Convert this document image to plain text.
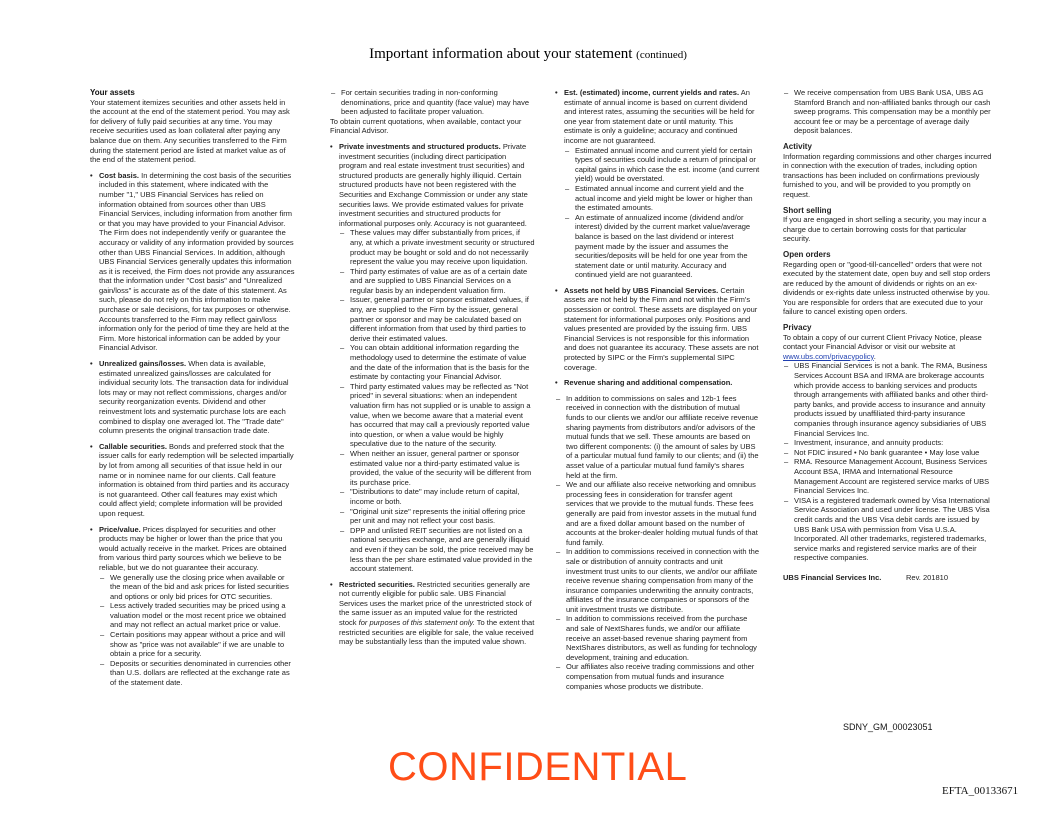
Important information about your statement (continued)

Your assets

Your statement itemizes securities and other assets held in the account at the end of the statement period. You may ask for delivery of fully paid securities at any time. You may receive securities used as loan collateral after paying any balance due on them. Any securities transferred to the Firm during the statement period are listed at market value as of the end of the statement period.

• Cost basis. In determining the cost basis of the securities included in this statement, where indicated with the number "1," UBS Financial Services has relied on information obtained from sources other than UBS Financial Services, including information from another firm or that you may have provided to your Financial Advisor. The Firm does not independently verify or guarantee the accuracy or validity of any information provided by sources other than UBS Financial Services. In addition, although UBS Financial Services generally updates this information as it is received, the Firm does not provide any assurances that the information under "Cost basis" and "Unrealized gain/loss" is accurate as of the date of this statement. As such, please do not rely on this information to make purchase or sale decisions, for tax purposes or otherwise. Accounts transferred to the Firm may reflect gain/loss information only for the period of time they are held at the Firm. More historical information can be added by your Financial Advisor.
• Unrealized gains/losses. When data is available, estimated unrealized gains/losses are calculated for individual security lots. The transaction data for individual lots may or may not reflect commissions, charges and/or security reorganization events. Dividend and other reinvestment lots and systematic purchase lots are each combined to display one averaged lot. The "Trade date" column presents the original transaction trade date.
• Callable securities. Bonds and preferred stock that the issuer calls for early redemption will be selected impartially by lot from among all securities of that issue held in our name or in nominee name for our clients. Call feature information is obtained from third parties and its accuracy is not guaranteed. Other call features may exist which could affect yield; complete information will be provided upon request.
• Price/value. Prices displayed for securities and other products may be higher or lower than the price that you would actually receive in the market. Prices are obtained from various third party sources which we believe to be reliable, but we do not guarantee their accuracy.

– We generally use the closing price when available or the mean of the bid and ask prices for listed securities and options or only bid prices for OTC securities.

– Less actively traded securities may be priced using a valuation model or the most recent price we obtained and may not reflect an actual market price or value.

– Certain positions may appear without a price and will show as "price was not available" if we are unable to obtain a price for a security.

– Deposits or securities denominated in currencies other than U.S. dollars are reflected at the exchange rate as of the statement date.

– For certain securities trading in non-conforming denominations, price and quantity (face value) may have been adjusted to facilitate proper valuation.

To obtain current quotations, when available, contact your Financial Advisor.

• Private investments and structured products. Private investment securities (including direct participation program and real estate investment trust securities) and structured products are generally highly illiquid. Certain structured products have not been registered with the Securities and Exchange Commission or under any state securities laws. We provide estimated values for private investment securities and structured products for informational purposes only. Accuracy is not guaranteed.

– These values may differ substantially from prices, if any, at which a private investment security or structured product may be bought or sold and do not necessarily represent the value you may receive upon liquidation.

– Third party estimates of value are as of a certain date and are supplied to UBS Financial Services on a regular basis by an independent valuation firm.

– Issuer, general partner or sponsor estimated values, if any, are supplied to the Firm by the issuer, general partner or sponsor and may be calculated based on different information from that used by third parties to derive their estimated values.

– You can obtain additional information regarding the methodology used to determine the estimate of value and the date of the information that is the basis for the estimate by contacting your Financial Advisor.

– Third party estimated values may be reflected as "Not priced" in several situations: when an independent valuation firm has not supplied or is unable to assign a value, when we become aware that a material event has occurred that may call a previously reported value into question, or when a value would be highly speculative due to the nature of the security.

– When neither an issuer, general partner or sponsor estimated value nor a third-party estimated value is provided, the value of the security will be different from its purchase price.

– "Distributions to date" may include return of capital, income or both.

– "Original unit size" represents the initial offering price per unit and may not reflect your cost basis.

– DPP and unlisted REIT securities are not listed on a national securities exchange, and are generally illiquid and even if they can be sold, the price received may be less than the per share estimated value provided in the account statement.

• Restricted securities. Restricted securities generally are not currently eligible for public sale. UBS Financial Services uses the market price of the unrestricted stock of the same issuer as an imputed value for the restricted stock for purposes of this statement only. To the extent that restricted securities are eligible for sale, the value received may be substantially less than the imputed value shown.
• Est. (estimated) income, current yields and rates. An estimate of annual income is based on current dividend and interest rates, assuming the securities will be held for one year from statement date or until maturity. This estimate is only a guideline; accuracy and continued income are not guaranteed.

– Estimated annual income and current yield for certain types of securities could include a return of principal or capital gains in which case the est. income (and current yield) would be overstated.

– Estimated annual income and current yield and the actual income and yield might be lower or higher than the estimated amounts.

– An estimate of annualized income (dividend and/or interest) divided by the current market value/average balance is based on the last dividend or interest payment made by the issuer and assumes the securities/deposits will be held for one year from the statement date or until maturity. Accuracy and continued yield are not guaranteed.

• Assets not held by UBS Financial Services. Certain assets are not held by the Firm and not within the Firm's possession or control. These assets are displayed on your statement for informational purposes only. Positions and values presented are provided by the issuing firm. UBS Financial Services is not responsible for this information and does not guarantee its accuracy. These assets are not protected by SIPC or the Firm's supplemental SIPC coverage.
• Revenue sharing and additional compensation.

– In addition to commissions on sales and 12b-1 fees received in connection with the distribution of mutual funds to our clients we and/or our affiliate receive revenue sharing payments from distributors and/or advisors of the mutual funds that we sell. These amounts are based on two different components: (i) the amount of sales by UBS of a particular mutual fund family to our clients; and (ii) the asset value of a particular mutual fund family's shares held at the firm.

– We and our affiliate also receive networking and omnibus processing fees in consideration for transfer agent services that we provide to the mutual funds. These fees generally are paid from investor assets in the mutual fund and are a fixed dollar amount based on the number of accounts at the broker-dealer holding mutual funds of that fund family.

– In addition to commissions received in connection with the sale or distribution of annuity contracts and unit investment trust units to our clients, we and/or our affiliate receive revenue sharing compensation from many of the insurance companies underwriting the annuity contracts, affiliates of the insurance companies or sponsors of the unit investment trusts we distribute.

– In addition to commissions received from the purchase and sale of NextShares funds, we and/or our affiliate receive an asset-based revenue sharing payment from NextShares distributors, as well as funding for technology development, training and education.

– Our affiliates also receive trading commissions and other compensation from mutual funds and insurance companies whose products we distribute.

– We receive compensation from UBS Bank USA, UBS AG Stamford Branch and non-affiliated banks through our cash sweep programs. This compensation may be a monthly per account fee or may be a percentage of average daily deposit balances.

Activity

Information regarding commissions and other charges incurred in connection with the execution of trades, including option transactions has been included on confirmations previously furnished to you, and will be provided to you promptly on request.

Short selling

If you are engaged in short selling a security, you may incur a charge due to certain borrowing costs for that particular security.

Open orders

Regarding open or "good-till-cancelled" orders that were not executed by the statement date, open buy and sell stop orders are reduced by the amount of dividends or rights on an ex-dividends or ex-rights date unless instructed otherwise by you. You are responsible for orders that are executed due to your failure to cancel existing open orders.

Privacy

To obtain a copy of our current Client Privacy Notice, please contact your Financial Advisor or visit our website at www.ubs.com/privacypolicy.

– UBS Financial Services is not a bank. The RMA, Business Services Account BSA and IRMA are brokerage accounts which provide access to banking services and products through arrangements with affiliated banks and other third-party banks, and provide access to insurance and annuity products issued by unaffiliated third-party insurance companies through insurance agency subsidiaries of UBS Financial Services Inc.

– Investment, insurance, and annuity products:

– Not FDIC insured • No bank guarantee • May lose value

– RMA. Resource Management Account, Business Services Account BSA, IRMA and International Resource Management Account are registered service marks of UBS Financial Services Inc.

– VISA is a registered trademark owned by Visa International Service Association and used under license. The UBS Visa credit cards and the UBS Visa debit cards are issued by UBS Bank USA with permission from Visa U.S.A. Incorporated. All other trademarks, registered trademarks, service marks and registered service marks are of their respective companies.

UBS Financial Services Inc.	Rev. 201810
SDNY_GM_00023051
CONFIDENTIAL
EFTA_00133671
